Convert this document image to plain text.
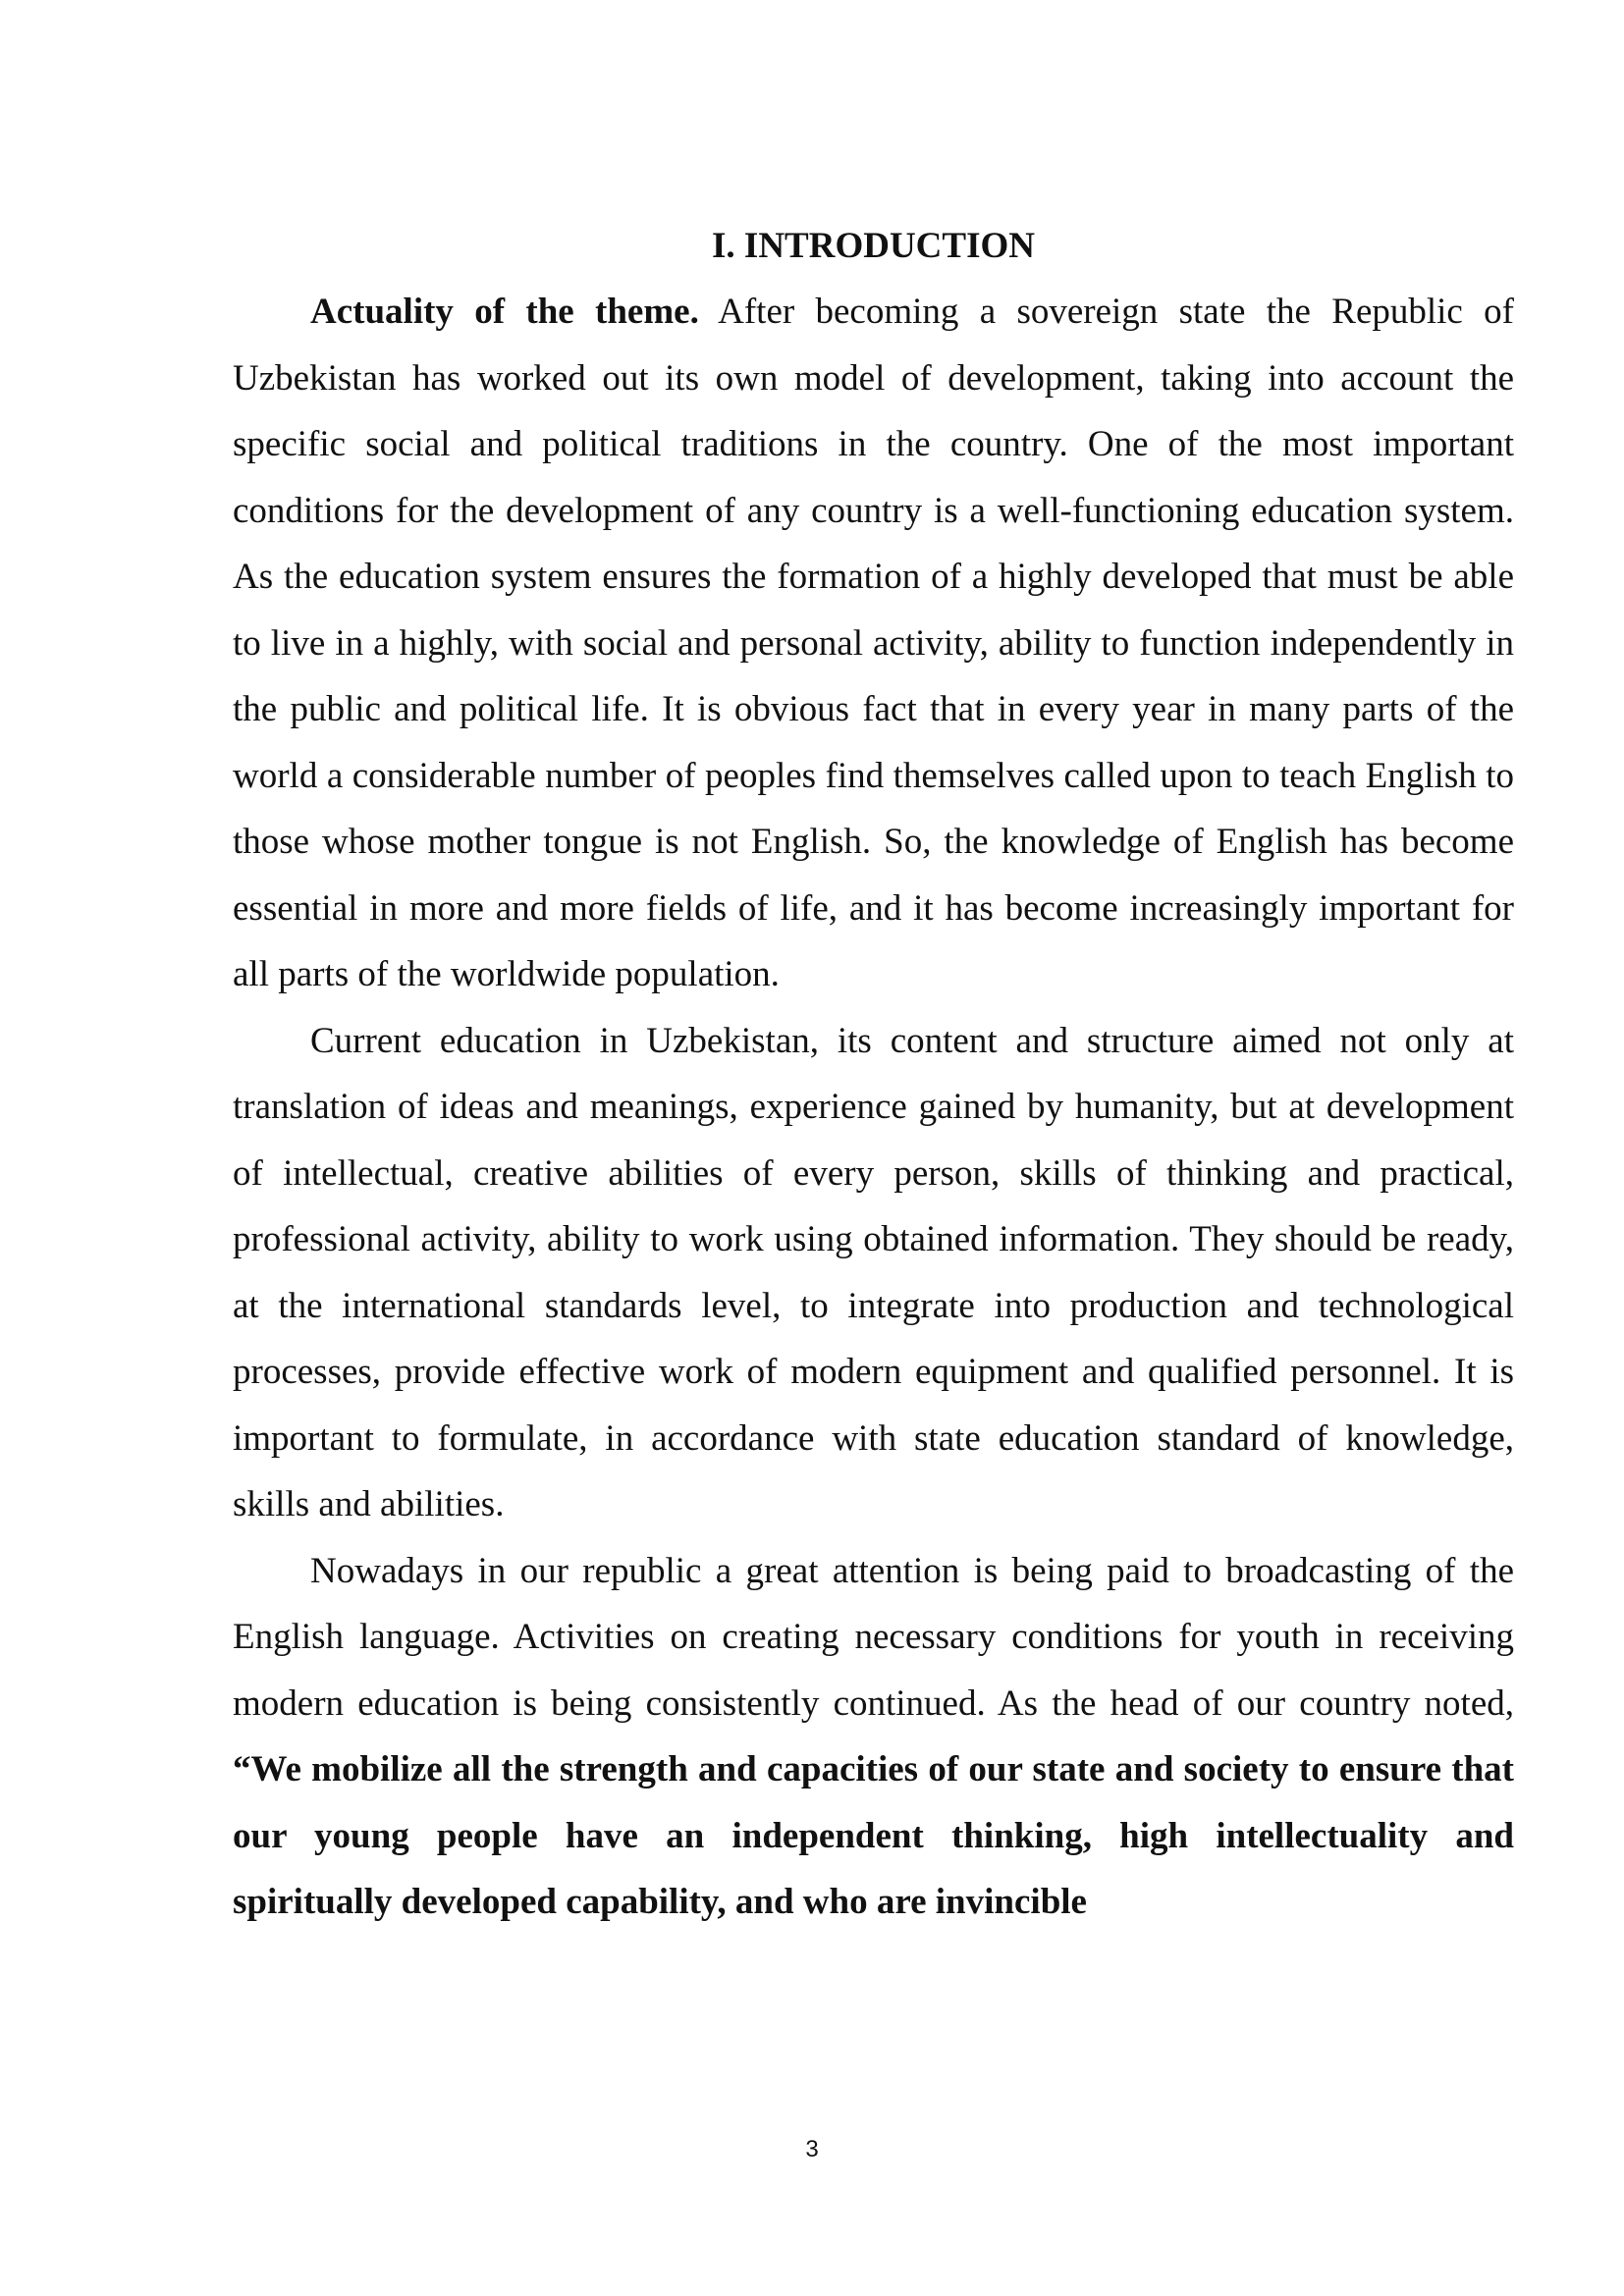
I. INTRODUCTION

Actuality of the theme. After becoming a sovereign state the Republic of Uzbekistan has worked out its own model of development, taking into account the specific social and political traditions in the country. One of the most important conditions for the development of any country is a well-functioning education system. As the education system ensures the formation of a highly developed that must be able to live in a highly, with social and personal activity, ability to function independently in the public and political life. It is obvious fact that in every year in many parts of the world a considerable number of peoples find themselves called upon to teach English to those whose mother tongue is not English. So, the knowledge of English has become essential in more and more fields of life, and it has become increasingly important for all parts of the worldwide population.

Current education in Uzbekistan, its content and structure aimed not only at translation of ideas and meanings, experience gained by humanity, but at development of intellectual, creative abilities of every person, skills of thinking and practical, professional activity, ability to work using obtained information. They should be ready, at the international standards level, to integrate into production and technological processes, provide effective work of modern equipment and qualified personnel. It is important to formulate, in accordance with state education standard of knowledge, skills and abilities.

Nowadays in our republic a great attention is being paid to broadcasting of the English language. Activities on creating necessary conditions for youth in receiving modern education is being consistently continued. As the head of our country noted, “We mobilize all the strength and capacities of our state and society to ensure that our young people have an independent thinking, high intellectuality and spiritually developed capability, and who are invincible

3
